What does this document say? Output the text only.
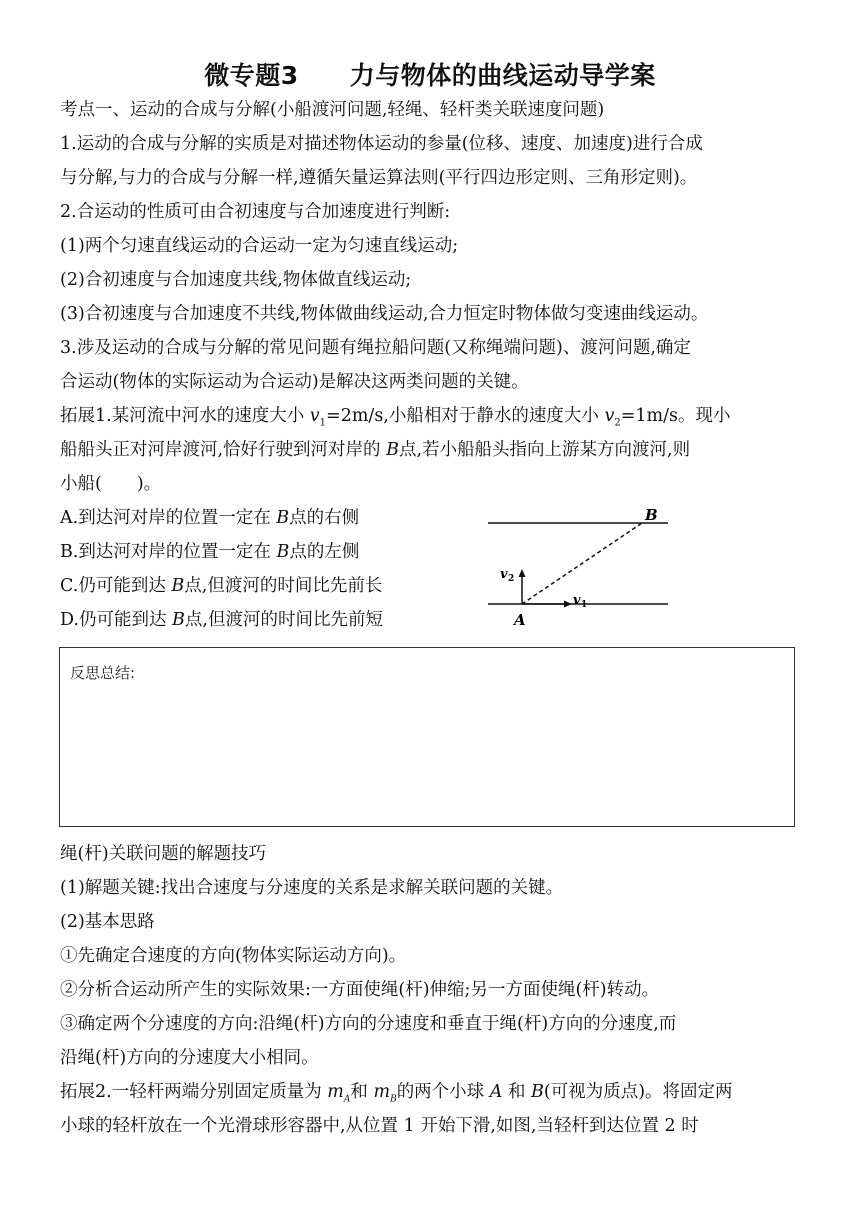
微专题3　　力与物体的曲线运动导学案
考点一、运动的合成与分解(小船渡河问题,轻绳、轻杆类关联速度问题)
1.运动的合成与分解的实质是对描述物体运动的参量(位移、速度、加速度)进行合成
与分解,与力的合成与分解一样,遵循矢量运算法则(平行四边形定则、三角形定则)。
2.合运动的性质可由合初速度与合加速度进行判断:
(1)两个匀速直线运动的合运动一定为匀速直线运动;
(2)合初速度与合加速度共线,物体做直线运动;
(3)合初速度与合加速度不共线,物体做曲线运动,合力恒定时物体做匀变速曲线运动。
3.涉及运动的合成与分解的常见问题有绳拉船问题(又称绳端问题)、渡河问题,确定
合运动(物体的实际运动为合运动)是解决这两类问题的关键。
拓展1.某河流中河水的速度大小 $v_1=2m/s$,小船相对于静水的速度大小 $v_2=1m/s$。现小
船船头正对河岸渡河,恰好行驶到河对岸的 B点,若小船船头指向上游某方向渡河,则
小船(　　)。
A.到达河对岸的位置一定在 B点的右侧
B.到达河对岸的位置一定在 B点的左侧
C.仍可能到达 B点,但渡河的时间比先前长
D.仍可能到达 B点,但渡河的时间比先前短
B
A
v 2
v 1
反思总结:
绳(杆)关联问题的解题技巧
(1)解题关键:找出合速度与分速度的关系是求解关联问题的关键。
(2)基本思路
①先确定合速度的方向(物体实际运动方向)。
②分析合运动所产生的实际效果:一方面使绳(杆)伸缩;另一方面使绳(杆)转动。
③确定两个分速度的方向:沿绳(杆)方向的分速度和垂直于绳(杆)方向的分速度,而
沿绳(杆)方向的分速度大小相同。
拓展2.一轻杆两端分别固定质量为 $m_A$和 $m_B$的两个小球 A 和 B(可视为质点)。将固定两
小球的轻杆放在一个光滑球形容器中,从位置 1 开始下滑,如图,当轻杆到达位置 2 时
